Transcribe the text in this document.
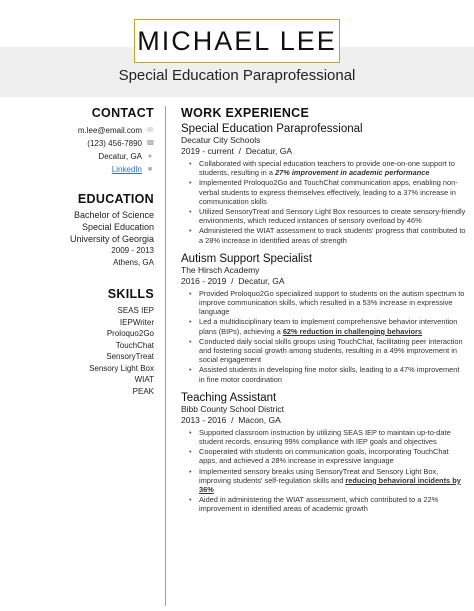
MICHAEL LEE
Special Education Paraprofessional
CONTACT
m.lee@email.com ✉
(123) 456-7890 ☎
Decatur, GA ●
LinkedIn ■
EDUCATION
Bachelor of Science
Special Education
University of Georgia
2009 - 2013
Athens, GA
SKILLS
SEAS IEP
IEPWriter
Proloquo2Go
TouchChat
SensoryTreat
Sensory Light Box
WIAT
PEAK
WORK EXPERIENCE
Special Education Paraprofessional
Decatur City Schools
2019 - current  /  Decatur, GA
• Collaborated with special education teachers to provide one-on-one support to students, resulting in a 27% improvement in academic performance
• Implemented Proloquo2Go and TouchChat communication apps, enabling non-verbal students to express themselves effectively, leading to a 37% increase in communication skills
• Utilized SensoryTreat and Sensory Light Box resources to create sensory-friendly environments, which reduced instances of sensory overload by 46%
• Administered the WIAT assessment to track students' progress that contributed to a 28% increase in identified areas of strength
Autism Support Specialist
The Hirsch Academy
2016 - 2019  /  Decatur, GA
• Provided Proloquo2Go specialized support to students on the autism spectrum to improve communication skills, which resulted in a 53% increase in expressive language
• Led a multidisciplinary team to implement comprehensive behavior intervention plans (BIPs), achieving a 62% reduction in challenging behaviors
• Conducted daily social skills groups using TouchChat, facilitating peer interaction and fostering social growth among students, resulting in a 49% improvement in social engagement
• Assisted students in developing fine motor skills, leading to a 47% improvement in fine motor coordination
Teaching Assistant
Bibb County School District
2013 - 2016  /  Macon, GA
• Supported classroom instruction by utilizing SEAS IEP to maintain up-to-date student records, ensuring 99% compliance with IEP goals and objectives
• Cooperated with students on communication goals, incorporating TouchChat apps, and achieved a 28% increase in expressive language
• Implemented sensory breaks using SensoryTreat and Sensory Light Box, improving students' self-regulation skills and reducing behavioral incidents by 36%
• Aided in administering the WIAT assessment, which contributed to a 22% improvement in identified areas of academic growth
